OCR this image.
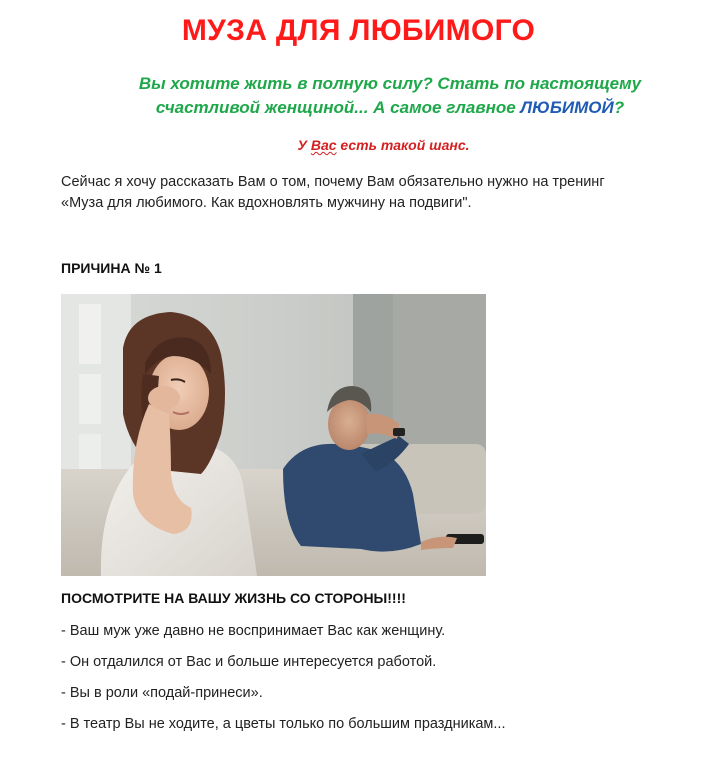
МУЗА ДЛЯ ЛЮБИМОГО
Вы хотите жить в полную силу? Стать по настоящему
счастливой женщиной... А самое главное ЛЮБИМОЙ?
У Вас есть такой шанс.
Сейчас я хочу рассказать Вам о том, почему Вам обязательно нужно на тренинг
«Муза для любимого. Как вдохновлять мужчину на подвиги".
ПРИЧИНА № 1
ПОСМОТРИТЕ НА ВАШУ ЖИЗНЬ СО СТОРОНЫ!!!!
- Ваш муж уже давно не воспринимает Вас как женщину.
- Он отдалился от Вас и больше интересуется работой.
- Вы в роли «подай-принеси».
- В театр Вы не ходите, а цветы только по большим праздникам...
